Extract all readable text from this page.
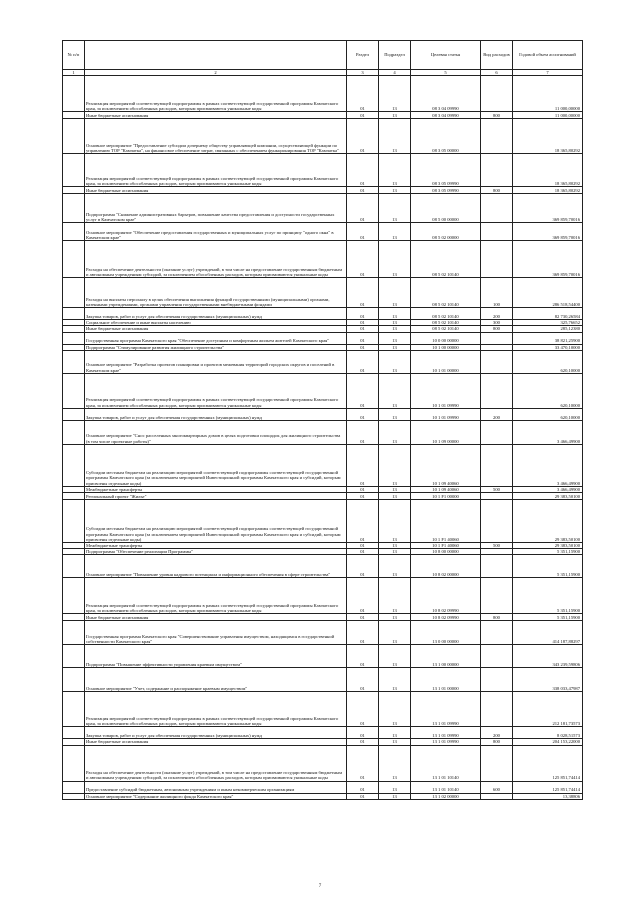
№ п/п		Раздел	Подраздел	Целевая статья	Вид расходов	Годовой объем ассигнований
1	2	3	4	5	6	7
	Реализация мероприятий соответствующей подпрограммы в рамках соответствующей государственной программы Камчатского края, за исключением обособленных расходов, которым присваиваются уникальные коды	01	13	08 3 04 09990		11 000,00000
	Иные бюджетные ассигнования	01	13	08 3 04 09990	800	11 000,00000
	Основное мероприятие "Предоставление субсидии дочернему обществу управляющей компании, осуществляющей функции по управлению ТОР "Камчатка", на финансовое обеспечение затрат, связанных с обеспечением функционирования ТОР "Камчатка"	01	13	08 3 05 00000		18 365,80292
	Реализация мероприятий соответствующей подпрограммы в рамках соответствующей государственной программы Камчатского края, за исключением обособленных расходов, которым присваиваются уникальные коды	01	13	08 3 05 09990		18 365,80292
	Иные бюджетные ассигнования	01	13	08 3 05 09990	800	18 365,80292
	Подпрограмма "Снижение административных барьеров, повышение качества предоставления и доступности государственных услуг в Камчатском крае"	01	13	08 5 00 00000		369 859,70016
	Основное мероприятие "Обеспечение предоставления государственных и муниципальных услуг по принципу "одного окна" в Камчатском крае"	01	13	08 5 02 00000		369 859,70016
	Расходы на обеспечение деятельности (оказание услуг) учреждений, в том числе на предоставление государственным бюджетным и автономным учреждениям субсидий, за исключением обособленных расходов, которым присваиваются уникальные коды	01	13	08 5 02 10140		369 859,70016
	Расходы на выплаты персоналу в целях обеспечения выполнения функций государственными (муниципальными) органами, казенными учреждениями, органами управления государственными внебюджетными фондами	01	13	08 5 02 10140	100	286 518,54400
	Закупка товаров, работ и услуг для обеспечения государственных (муниципальных) нужд	01	13	08 5 02 10140	200	82 730,26584
	Социальное обеспечение и иные выплаты населению	01	13	08 5 02 10140	300	325,76652
	Иные бюджетные ассигнования	01	13	08 5 02 10140	800	285,12380
	Государственная программа Камчатского края "Обеспечение доступным и комфортным жильем жителей Камчатского края"	01	13	10 0 00 00000		38 821,25900
	Подпрограмма "Стимулирование развития жилищного строительства"	01	13	10 1 00 00000		33 470,10000
	Основное мероприятие "Разработка проектов планировки и проектов межевания территорий городских округов и поселений в Камчатском крае"	01	13	10 1 01 00000		620,10000
	Реализация мероприятий соответствующей подпрограммы в рамках соответствующей государственной программы Камчатского края, за исключением обособленных расходов, которым присваиваются уникальные коды	01	13	10 1 01 09990		620,10000
	Закупка товаров, работ и услуг для обеспечения государственных (муниципальных) нужд	01	13	10 1 01 09990	200	620,10000
	Основное мероприятие "Снос расселенных многоквартирных домов в целях подготовки площадок для жилищного строительства (в том числе проектные работы)"	01	13	10 1 09 00000		3 466,49900
	Субсидии местным бюджетам на реализацию мероприятий соответствующей подпрограммы соответствующей государственной программы Камчатского края (за исключением мероприятий Инвестиционной программы Камчатского края и субсидий, которым присвоены отдельные коды)	01	13	10 1 09 40060		3 466,49900
	Межбюджетные трансферты	01	13	10 1 09 40060	500	3 466,49900
	Региональный проект "Жилье"	01	13	10 1 F1 00000		29 383,50100
	Субсидии местным бюджетам на реализацию мероприятий соответствующей подпрограммы соответствующей государственной программы Камчатского края (за исключением мероприятий Инвестиционной программы Камчатского края и субсидий, которым присвоены отдельные коды)	01	13	10 1 F1 40060		29 383,50100
	Межбюджетные трансферты	01	13	10 1 F1 40060	500	29 383,50100
	Подпрограмма "Обеспечение реализации Программы"	01	13	10 8 00 00000		5 351,15900
	Основное мероприятие "Повышение уровня кадрового потенциала и информационного обеспечения в сфере строительства"	01	13	10 8 02 00000		5 351,15900
	Реализация мероприятий соответствующей подпрограммы в рамках соответствующей государственной программы Камчатского края, за исключением обособленных расходов, которым присваиваются уникальные коды	01	13	10 8 02 09990		5 351,15900
	Иные бюджетные ассигнования	01	13	10 8 02 09990	800	5 351,15900
	Государственная программа Камчатского края "Совершенствование управления имуществом, находящимся в государственной собственности Камчатского края"	01	13	13 0 00 00000		414 187,88297
	Подпрограмма "Повышение эффективности управления краевым имуществом"	01	13	13 1 00 00000		343 239,59806
	Основное мероприятие "Учет, содержание и распоряжение краевым имуществом"	01	13	13 1 01 00000		338 033,47987
	Реализация мероприятий соответствующей подпрограммы в рамках соответствующей государственной программы Камчатского края, за исключением обособленных расходов, которым присваиваются уникальные коды	01	13	13 1 01 09990		212 181,73573
	Закупка товаров, работ и услуг для обеспечения государственных (муниципальных) нужд	01	13	13 1 01 09990	200	8 028,51573
	Иные бюджетные ассигнования	01	13	13 1 01 09990	800	204 153,22000
	Расходы на обеспечение деятельности (оказание услуг) учреждений, в том числе на предоставление государственным бюджетным и автономным учреждениям субсидий, за исключением обособленных расходов, которым присваиваются уникальные коды	01	13	13 1 01 10140		125 851,74414
	Предоставление субсидий бюджетным, автономным учреждениям и иным некоммерческим организациям	01	13	13 1 01 10140	600	125 851,74414
	Основное мероприятие "Содержание жилищного фонда Камчатского края"	01	13	13 1 02 00000		13,38806
7
